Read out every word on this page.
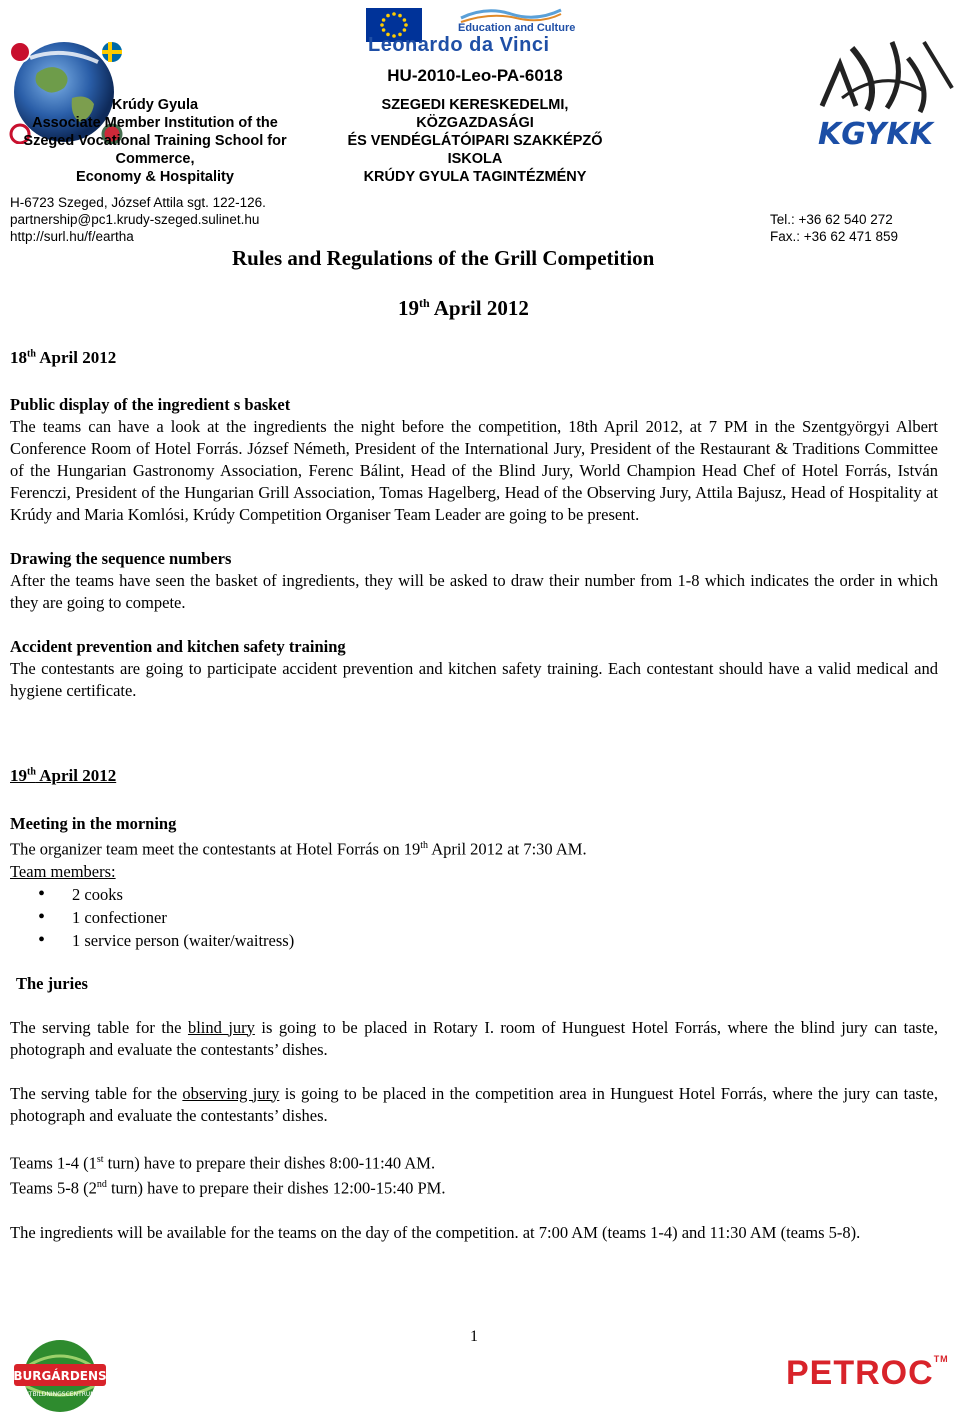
Education and Culture
Leonardo da Vinci
HU-2010-Leo-PA-6018
Krúdy Gyula
Associate Member Institution of the
Szeged Vocational Training School for
Commerce,
Economy & Hospitality
SZEGEDI KERESKEDELMI,
KÖZGAZDASÁGI
ÉS VENDÉGLÁTÓIPARI SZAKKÉPZŐ
ISKOLA
KRÚDY GYULA TAGINTÉZMÉNY
KGYKK
H-6723 Szeged, József Attila sgt. 122-126.
partnership@pc1.krudy-szeged.sulinet.hu
http://surl.hu/f/eartha
Tel.: +36 62 540 272
Fax.: +36 62 471 859
Rules and Regulations of the Grill Competition
19th April 2012
18th April 2012

Public display of the ingredient s basket

The teams can have a look at the ingredients the night before the competition, 18th April 2012, at 7 PM in the Szentgyörgyi Albert Conference Room of Hotel Forrás. József Németh, President of the International Jury, President of the Restaurant & Traditions Committee of the Hungarian Gastronomy Association, Ferenc Bálint, Head of the Blind Jury, World Champion Head Chef of Hotel Forrás, István Ferenczi, President of the Hungarian Grill Association, Tomas Hagelberg, Head of the Observing Jury, Attila Bajusz, Head of Hospitality at Krúdy and Maria Komlósi, Krúdy Competition Organiser Team Leader are going to be present.

Drawing the sequence numbers

After the teams have seen the basket of ingredients, they will be asked to draw their number from 1-8 which indicates the order in which they are going to compete.

Accident prevention and kitchen safety training

The contestants are going to participate accident prevention and kitchen safety training. Each contestant should have a valid medical and hygiene certificate.

19th April 2012

Meeting in the morning

The organizer team meet the contestants at Hotel Forrás on 19th April 2012 at 7:30 AM.

Team members:

• 2 cooks
• 1 confectioner
• 1 service person (waiter/waitress)

The juries

The serving table for the blind jury is going to be placed in Rotary I. room of Hunguest Hotel Forrás, where the blind jury can taste, photograph and evaluate the contestants’ dishes.

The serving table for the observing jury is going to be placed in the competition area in Hunguest Hotel Forrás, where the jury can taste, photograph and evaluate the contestants’ dishes.

Teams 1-4 (1st turn) have to prepare their dishes 8:00-11:40 AM.

Teams 5-8 (2nd turn) have to prepare their dishes 12:00-15:40 PM.

The ingredients will be available for the teams on the day of the competition. at 7:00 AM (teams 1-4) and 11:30 AM (teams 5-8).

1
BURGÁRDENS
UTBILDNINGSCENTRUM
PETROC™
